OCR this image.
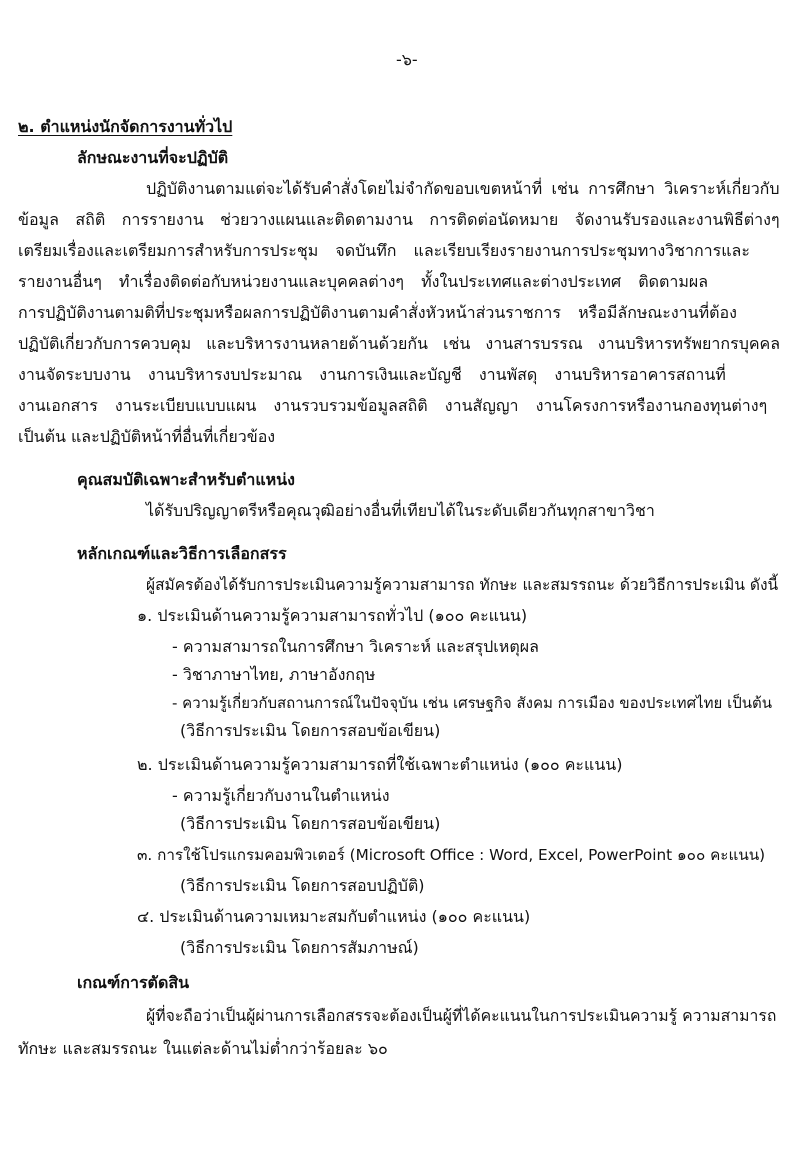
-๖-
๒. ตำแหน่งนักจัดการงานทั่วไป
ลักษณะงานที่จะปฏิบัติ
ปฏิบัติงานตามแต่จะได้รับคำสั่งโดยไม่จำกัดขอบเขตหน้าที่ เช่น การศึกษา วิเคราะห์เกี่ยวกับ
ข้อมูล สถิติ การรายงาน ช่วยวางแผนและติดตามงาน การติดต่อนัดหมาย จัดงานรับรองและงานพิธีต่างๆ
เตรียมเรื่องและเตรียมการสำหรับการประชุม จดบันทึก และเรียบเรียงรายงานการประชุมทางวิชาการและ
รายงานอื่นๆ ทำเรื่องติดต่อกับหน่วยงานและบุคคลต่างๆ ทั้งในประเทศและต่างประเทศ ติดตามผล
การปฏิบัติงานตามติที่ประชุมหรือผลการปฏิบัติงานตามคำสั่งหัวหน้าส่วนราชการ หรือมีลักษณะงานที่ต้อง
ปฏิบัติเกี่ยวกับการควบคุม และบริหารงานหลายด้านด้วยกัน เช่น งานสารบรรณ งานบริหารทรัพยากรบุคคล
งานจัดระบบงาน งานบริหารงบประมาณ งานการเงินและบัญชี งานพัสดุ งานบริหารอาคารสถานที่
งานเอกสาร งานระเบียบแบบแผน งานรวบรวมข้อมูลสถิติ งานสัญญา งานโครงการหรืองานกองทุนต่างๆ
เป็นต้น และปฏิบัติหน้าที่อื่นที่เกี่ยวข้อง
คุณสมบัติเฉพาะสำหรับตำแหน่ง
ได้รับปริญญาตรีหรือคุณวุฒิอย่างอื่นที่เทียบได้ในระดับเดียวกันทุกสาขาวิชา
หลักเกณฑ์และวิธีการเลือกสรร
ผู้สมัครต้องได้รับการประเมินความรู้ความสามารถ ทักษะ และสมรรถนะ ด้วยวิธีการประเมิน ดังนี้
๑. ประเมินด้านความรู้ความสามารถทั่วไป (๑๐๐ คะแนน)
- ความสามารถในการศึกษา วิเคราะห์ และสรุปเหตุผล
- วิชาภาษาไทย, ภาษาอังกฤษ
- ความรู้เกี่ยวกับสถานการณ์ในปัจจุบัน เช่น เศรษฐกิจ สังคม การเมือง ของประเทศไทย เป็นต้น
(วิธีการประเมิน โดยการสอบข้อเขียน)
๒. ประเมินด้านความรู้ความสามารถที่ใช้เฉพาะตำแหน่ง (๑๐๐ คะแนน)
- ความรู้เกี่ยวกับงานในตำแหน่ง
(วิธีการประเมิน โดยการสอบข้อเขียน)
๓. การใช้โปรแกรมคอมพิวเตอร์ (Microsoft Office : Word, Excel, PowerPoint ๑๐๐ คะแนน)
(วิธีการประเมิน โดยการสอบปฏิบัติ)
๔. ประเมินด้านความเหมาะสมกับตำแหน่ง (๑๐๐ คะแนน)
(วิธีการประเมิน โดยการสัมภาษณ์)
เกณฑ์การตัดสิน
ผู้ที่จะถือว่าเป็นผู้ผ่านการเลือกสรรจะต้องเป็นผู้ที่ได้คะแนนในการประเมินความรู้ ความสามารถ
ทักษะ และสมรรถนะ ในแต่ละด้านไม่ต่ำกว่าร้อยละ ๖๐
